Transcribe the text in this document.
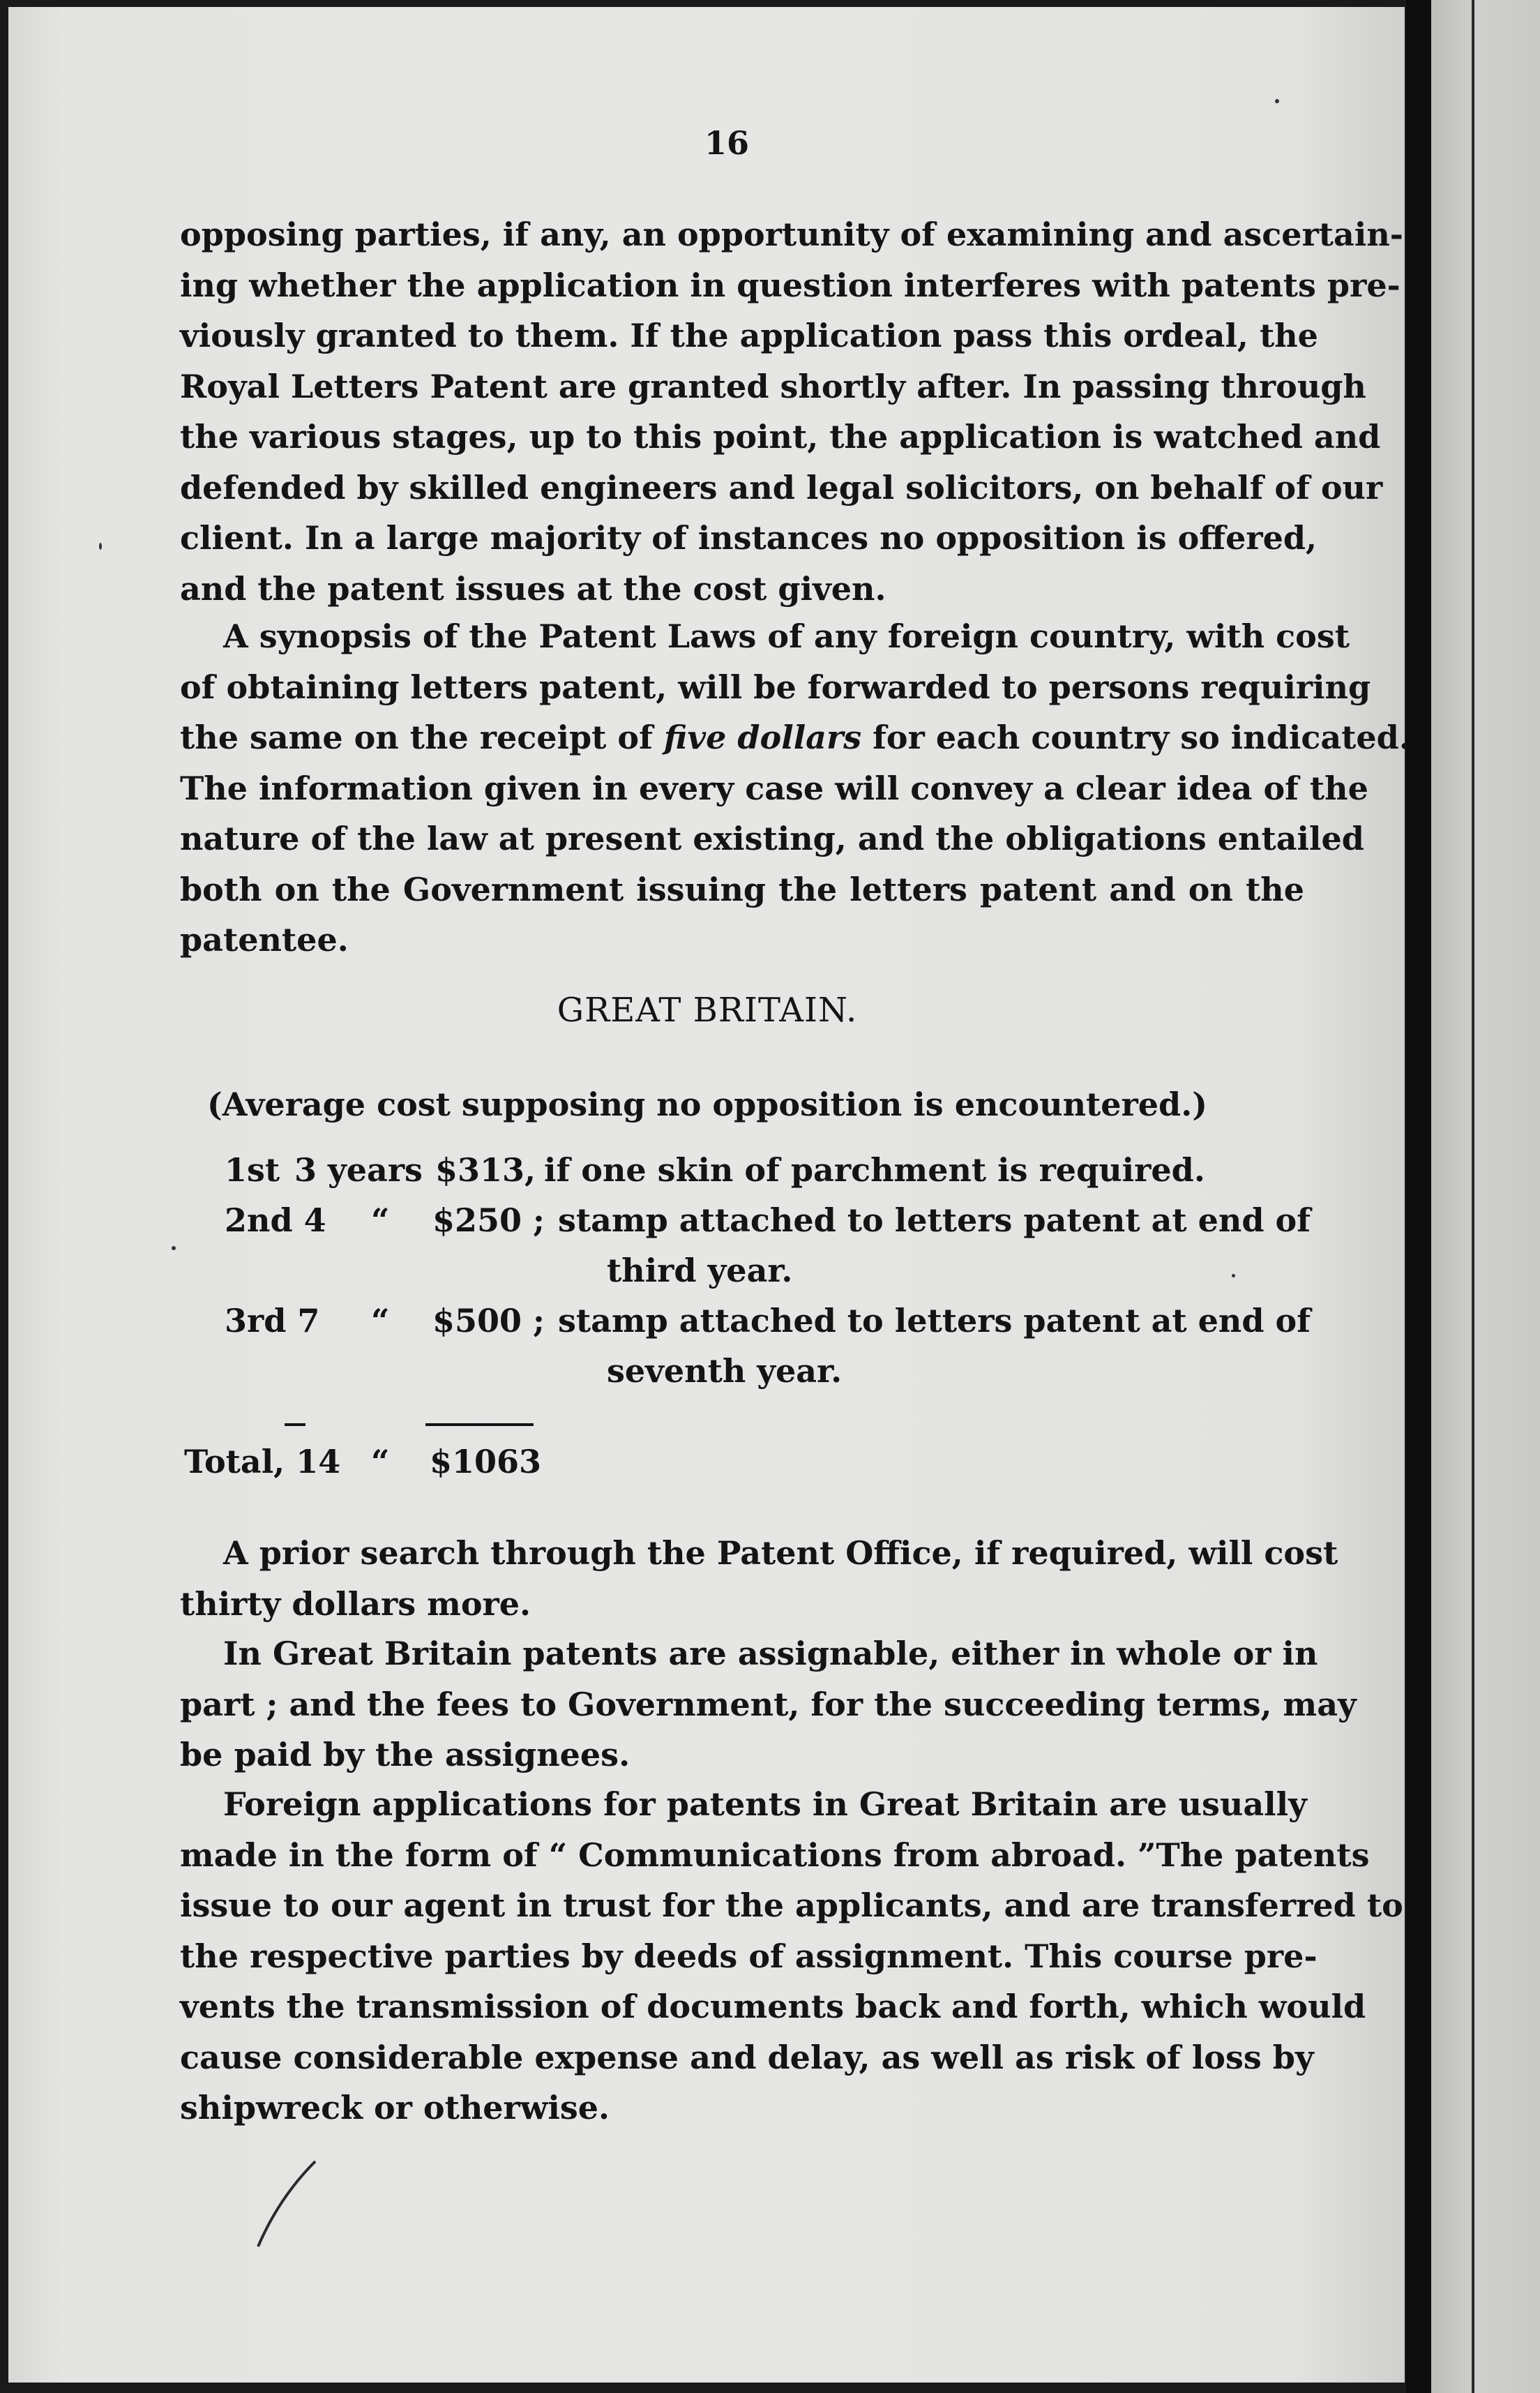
16
opposing parties, if any, an opportunity of examining and ascertain-
ing whether the application in question interferes with patents pre-
viously granted to them. If the application pass this ordeal, the
Royal Letters Patent are granted shortly after. In passing through
the various stages, up to this point, the application is watched and
defended by skilled engineers and legal solicitors, on behalf of our
client. In a large majority of instances no opposition is offered,
and the patent issues at the cost given.
A synopsis of the Patent Laws of any foreign country, with cost
of obtaining letters patent, will be forwarded to persons requiring
the same on the receipt of five dollars for each country so indicated.
The information given in every case will convey a clear idea of the
nature of the law at present existing, and the obligations entailed
both on the Government issuing the letters patent and on the
patentee.
GREAT BRITAIN.
(Average cost supposing no opposition is encountered.)
1st 3 years $313, if one skin of parchment is required.
2nd 4 “ $250 ; stamp attached to letters patent at end of
third year.
3rd 7 “ $500 ; stamp attached to letters patent at end of
seventh year.
Total, 14 “ $1063
A prior search through the Patent Office, if required, will cost
thirty dollars more.
In Great Britain patents are assignable, either in whole or in
part ; and the fees to Government, for the succeeding terms, may
be paid by the assignees.
Foreign applications for patents in Great Britain are usually
made in the form of “ Communications from abroad. ”The patents
issue to our agent in trust for the applicants, and are transferred to
the respective parties by deeds of assignment. This course pre-
vents the transmission of documents back and forth, which would
cause considerable expense and delay, as well as risk of loss by
shipwreck or otherwise.
